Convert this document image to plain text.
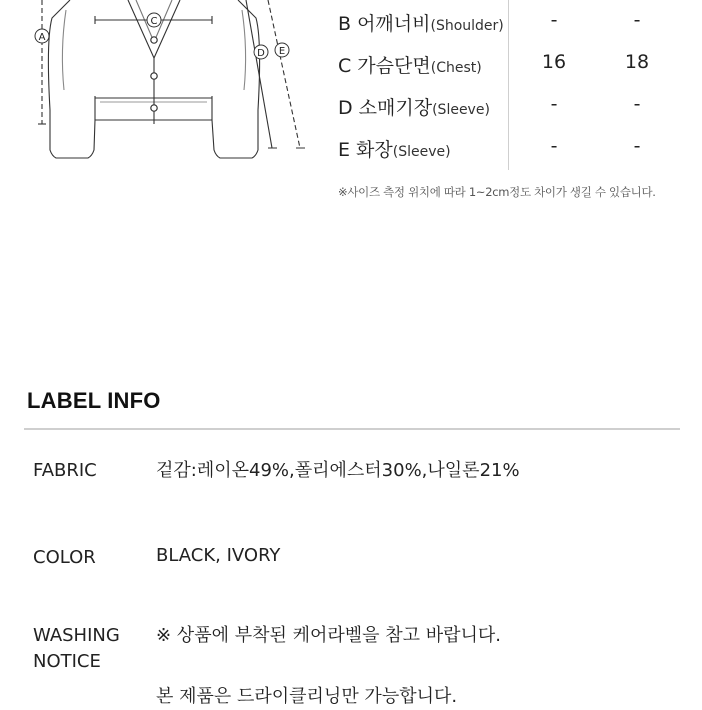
A
C
D E
B 어깨너비(Shoulder)	-	-
C 가슴단면(Chest)	16	18
D 소매기장(Sleeve)	-	-
E 화장(Sleeve)	-	-
※사이즈 측정 위치에 따라 1~2cm정도 차이가 생길 수 있습니다.
LABEL INFO
FABRIC	겉감:레이온49%,폴리에스터30%,나일론21%
COLOR	BLACK, IVORY
WASHING
NOTICE
※ 상품에 부착된 케어라벨을 참고 바랍니다.
본 제품은 드라이클리닝만 가능합니다.
